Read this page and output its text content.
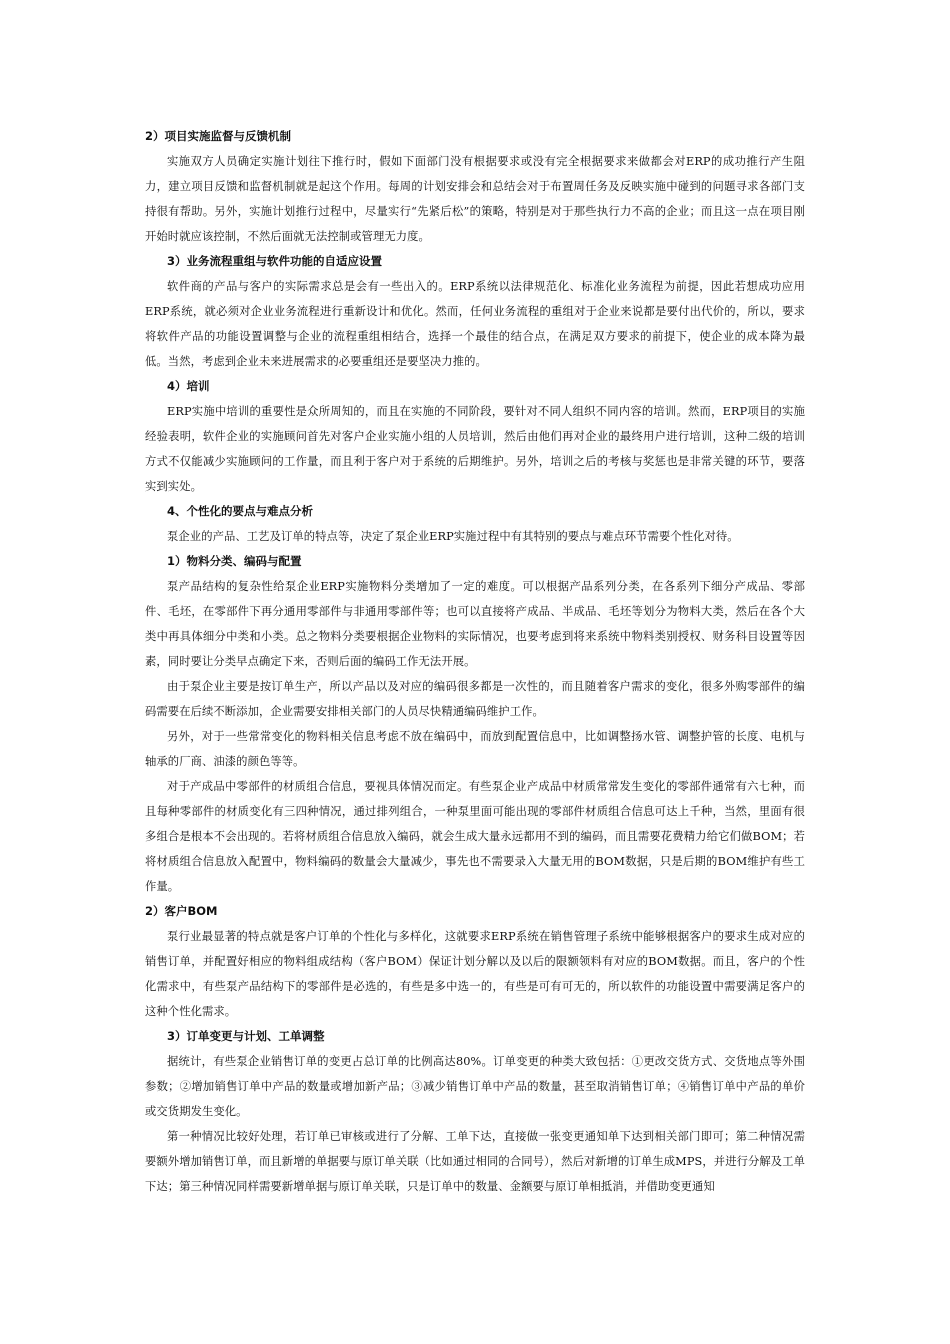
2）项目实施监督与反馈机制

实施双方人员确定实施计划往下推行时，假如下面部门没有根据要求或没有完全根据要求来做都会对ERP的成功推行产生阻力，建立项目反馈和监督机制就是起这个作用。每周的计划安排会和总结会对于布置周任务及反映实施中碰到的问题寻求各部门支持很有帮助。另外，实施计划推行过程中，尽量实行“先紧后松”的策略，特别是对于那些执行力不高的企业；而且这一点在项目刚开始时就应该控制，不然后面就无法控制或管理无力度。

3）业务流程重组与软件功能的自适应设置

软件商的产品与客户的实际需求总是会有一些出入的。ERP系统以法律规范化、标准化业务流程为前提，因此若想成功应用ERP系统，就必须对企业业务流程进行重新设计和优化。然而，任何业务流程的重组对于企业来说都是要付出代价的，所以，要求将软件产品的功能设置调整与企业的流程重组相结合，选择一个最佳的结合点，在满足双方要求的前提下，使企业的成本降为最低。当然，考虑到企业未来进展需求的必要重组还是要坚决力推的。

4）培训

ERP实施中培训的重要性是众所周知的，而且在实施的不同阶段，要针对不同人组织不同内容的培训。然而，ERP项目的实施经验表明，软件企业的实施顾问首先对客户企业实施小组的人员培训，然后由他们再对企业的最终用户进行培训，这种二级的培训方式不仅能减少实施顾问的工作量，而且利于客户对于系统的后期维护。另外，培训之后的考核与奖惩也是非常关键的环节，要落实到实处。

4、个性化的要点与难点分析

泵企业的产品、工艺及订单的特点等，决定了泵企业ERP实施过程中有其特别的要点与难点环节需要个性化对待。

1）物料分类、编码与配置

泵产品结构的复杂性给泵企业ERP实施物料分类增加了一定的难度。可以根据产品系列分类，在各系列下细分产成品、零部件、毛坯，在零部件下再分通用零部件与非通用零部件等；也可以直接将产成品、半成品、毛坯等划分为物料大类，然后在各个大类中再具体细分中类和小类。总之物料分类要根据企业物料的实际情况，也要考虑到将来系统中物料类别授权、财务科目设置等因素，同时要让分类早点确定下来，否则后面的编码工作无法开展。

由于泵企业主要是按订单生产，所以产品以及对应的编码很多都是一次性的，而且随着客户需求的变化，很多外购零部件的编码需要在后续不断添加，企业需要安排相关部门的人员尽快精通编码维护工作。

另外，对于一些常常变化的物料相关信息考虑不放在编码中，而放到配置信息中，比如调整扬水管、调整护管的长度、电机与轴承的厂商、油漆的颜色等等。

对于产成品中零部件的材质组合信息，要视具体情况而定。有些泵企业产成品中材质常常发生变化的零部件通常有六七种，而且每种零部件的材质变化有三四种情况，通过排列组合，一种泵里面可能出现的零部件材质组合信息可达上千种，当然，里面有很多组合是根本不会出现的。若将材质组合信息放入编码，就会生成大量永远都用不到的编码，而且需要花费精力给它们做BOM；若将材质组合信息放入配置中，物料编码的数量会大量减少，事先也不需要录入大量无用的BOM数据，只是后期的BOM维护有些工作量。

2）客户BOM

泵行业最显著的特点就是客户订单的个性化与多样化，这就要求ERP系统在销售管理子系统中能够根据客户的要求生成对应的销售订单，并配置好相应的物料组成结构（客户BOM）保证计划分解以及以后的限额领料有对应的BOM数据。而且，客户的个性化需求中，有些泵产品结构下的零部件是必选的，有些是多中选一的，有些是可有可无的，所以软件的功能设置中需要满足客户的这种个性化需求。

3）订单变更与计划、工单调整

据统计，有些泵企业销售订单的变更占总订单的比例高达80%。订单变更的种类大致包括：①更改交货方式、交货地点等外围参数；②增加销售订单中产品的数量或增加新产品；③减少销售订单中产品的数量，甚至取消销售订单；④销售订单中产品的单价或交货期发生变化。

第一种情况比较好处理，若订单已审核或进行了分解、工单下达，直接做一张变更通知单下达到相关部门即可；第二种情况需要额外增加销售订单，而且新增的单据要与原订单关联（比如通过相同的合同号），然后对新增的订单生成MPS，并进行分解及工单下达；第三种情况同样需要新增单据与原订单关联，只是订单中的数量、金额要与原订单相抵消，并借助变更通知
